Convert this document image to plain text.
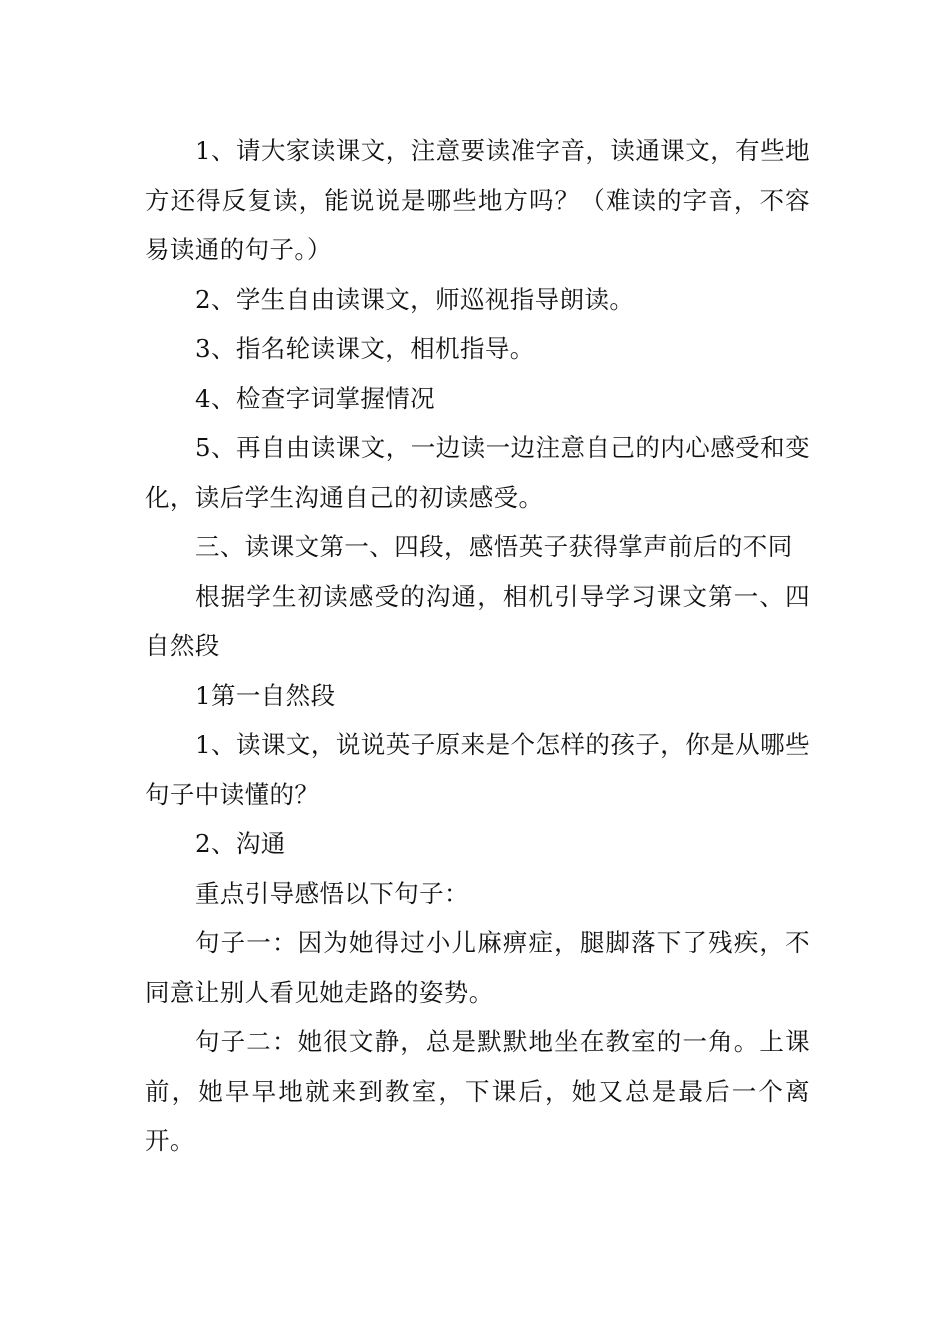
1、请大家读课文，注意要读准字音，读通课文，有些地方还得反复读，能说说是哪些地方吗？（难读的字音，不容易读通的句子。）

2、学生自由读课文，师巡视指导朗读。

3、指名轮读课文，相机指导。

4、检查字词掌握情况

5、再自由读课文，一边读一边注意自己的内心感受和变化，读后学生沟通自己的初读感受。

三、读课文第一、四段，感悟英子获得掌声前后的不同

根据学生初读感受的沟通，相机引导学习课文第一、四自然段

1第一自然段

1、读课文，说说英子原来是个怎样的孩子，你是从哪些句子中读懂的？

2、沟通

重点引导感悟以下句子：

句子一：因为她得过小儿麻痹症，腿脚落下了残疾，不同意让别人看见她走路的姿势。

句子二：她很文静，总是默默地坐在教室的一角。上课前，她早早地就来到教室，下课后，她又总是最后一个离开。
